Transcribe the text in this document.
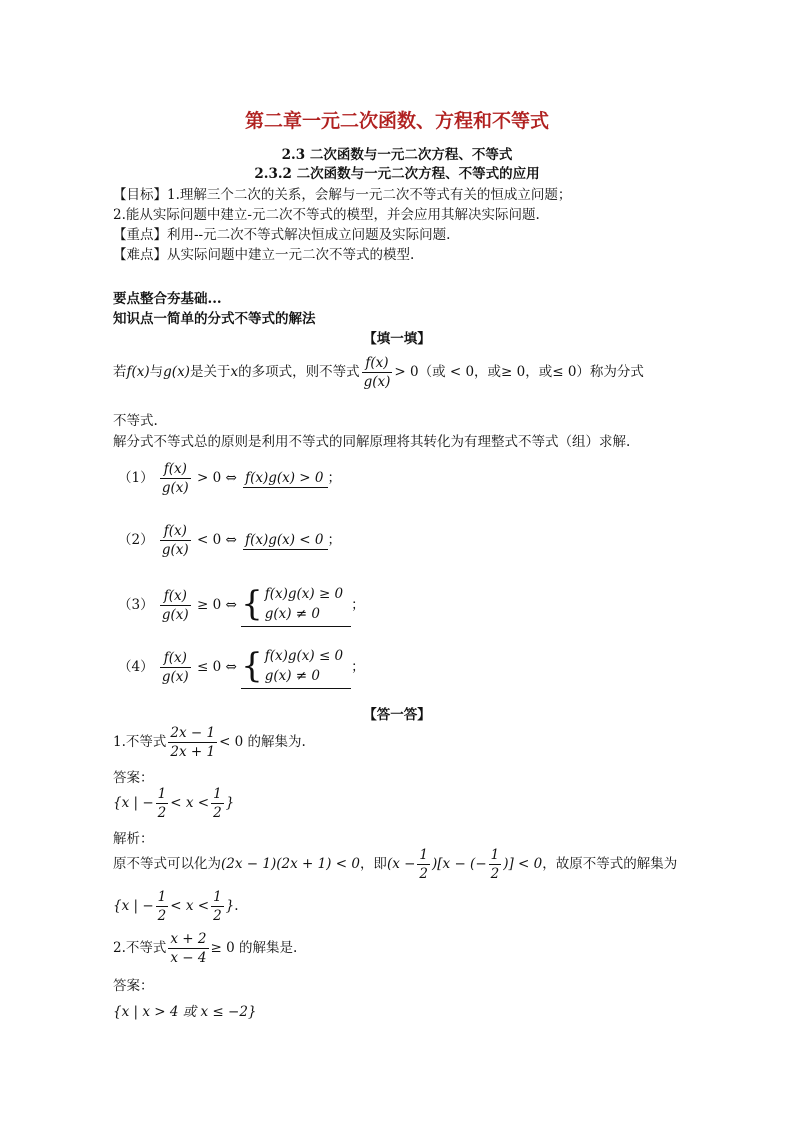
第二章一元二次函数、方程和不等式
2.3 二次函数与一元二次方程、不等式
2.3.2 二次函数与一元二次方程、不等式的应用
【目标】1.理解三个二次的关系，会解与一元二次不等式有关的恒成立问题；
2.能从实际问题中建立-元二次不等式的模型，并会应用其解决实际问题.
【重点】利用--元二次不等式解决恒成立问题及实际问题.
【难点】从实际问题中建立一元二次不等式的模型.
要点整合夯基础...
知识点一简单的分式不等式的解法
【填一填】
若f(x)与g(x)是关于x的多项式，则不等式 $\frac{f(x)}{g(x)} > 0$（或 < 0，或≥ 0，或≤ 0）称为分式
不等式.
解分式不等式总的原则是利用不等式的同解原理将其转化为有理整式不等式（组）求解.
$(1) \frac{f(x)}{g(x)} > 0$ ⇔ f(x)g(x) > 0 ；
$(2) \frac{f(x)}{g(x)} < 0$ ⇔ f(x)g(x) < 0 ；
$(3) \frac{f(x)}{g(x)} \ge 0$ ⇔ { f(x)g(x) ≥ 0
g(x) ≠ 0
；
$(4) \frac{f(x)}{g(x)} \le 0$ ⇔ { f(x)g(x) ≤ 0
g(x) ≠ 0
；
【答一答】
1.不等式 $\frac{2x - 1}{2x + 1} < 0$ 的解集为.
答案：
{x | − $\frac{1}{2} < x < \frac{1}{2}$ }
解析：
原不等式可以化为(2x − 1)(2x + 1) < 0，即$(x - \frac{1}{2} )[x$ − (− $\frac{1}{2}$ )] < 0，故原不等式的解集为
{x | − $\frac{1}{2} < x < \frac{1}{2}$ }.
2.不等式 $\frac{x + 2}{x - 4} \ge 0$ 的解集是.
答案：
{x | x > 4 或 x ≤ −2}
